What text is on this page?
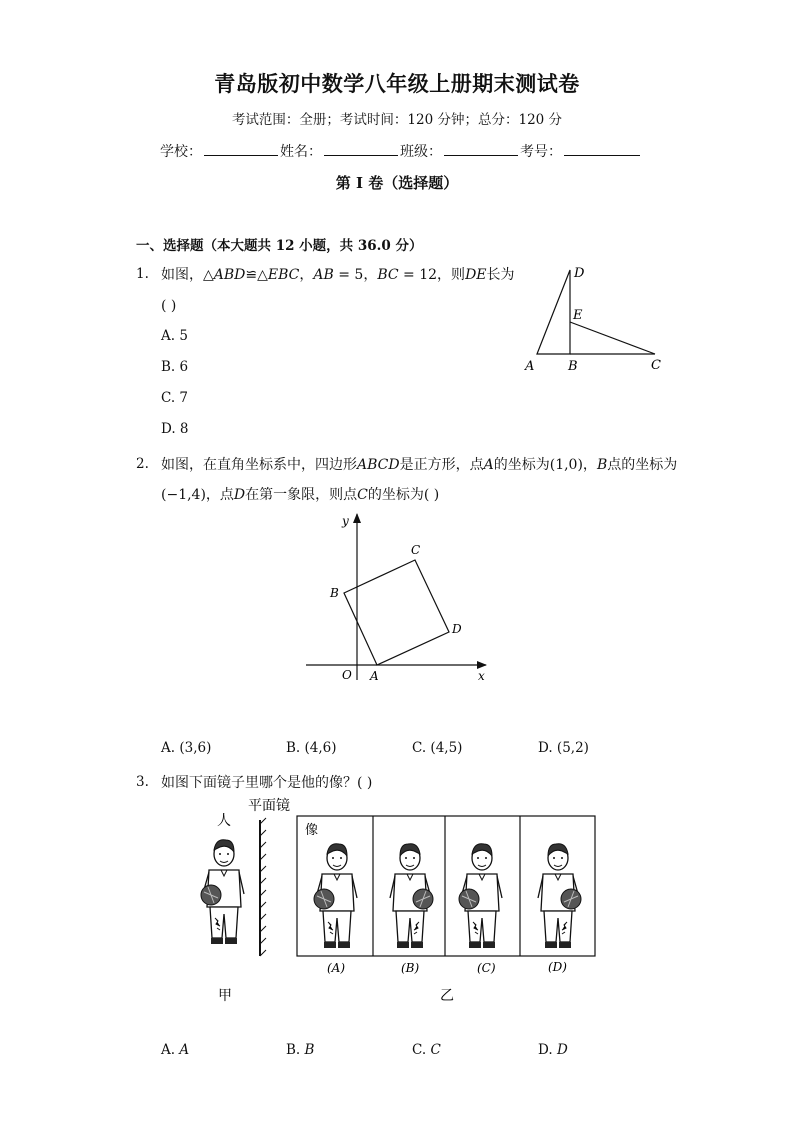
青岛版初中数学八年级上册期末测试卷
考试范围：全册；考试时间：120 分钟；总分：120 分
学校：	姓名：	班级：	考号：
第 I 卷（选择题）
一、选择题（本大题共 12 小题，共 36.0 分）
1. 如图，△ABD≌△EBC，AB = 5，BC = 12，则DE长为
( )
A. 5
B. 6
C. 7
D. 8
D
E
A	B	C
2. 如图，在直角坐标系中，四边形ABCD是正方形，点A的坐标为(1,0)，B点的坐标为
(−1,4)，点D在第一象限，则点C的坐标为( )
y
x
O A
B
C
D
A. (3,6)	B. (4,6)	C. (4,5)	D. (5,2)
3. 如图下面镜子里哪个是他的像？( )
人
平面镜
像
(A)	(B)	(C)	(D)
甲	乙
A. A	B. B	C. C	D. D
